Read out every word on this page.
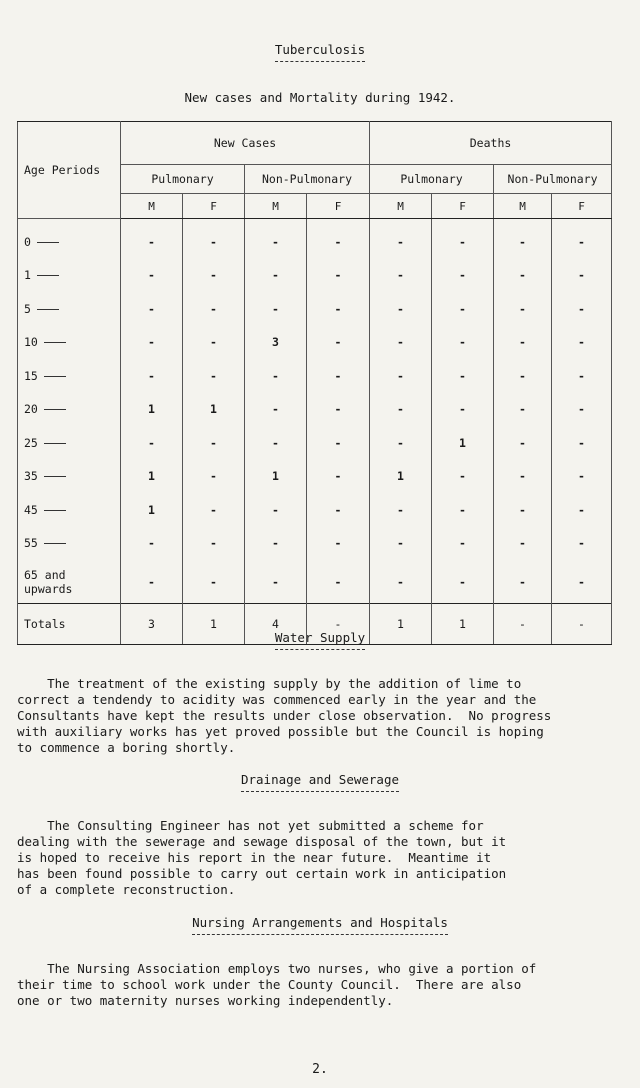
Tuberculosis
New cases and Mortality during 1942.
Age Periods	New Cases				Deaths			
	Pulmonary		Non-Pulmonary		Pulmonary		Non-Pulmonary	
	M	F	M	F	M	F	M	F
0	-	-	-	-	-	-	-	-
1	-	-	-	-	-	-	-	-
5	-	-	-	-	-	-	-	-
10	-	-	3	-	-	-	-	-
15	-	-	-	-	-	-	-	-
20	1	1	-	-	-	-	-	-
25	-	-	-	-	-	1	-	-
35	1	-	1	-	1	-	-	-
45	1	-	-	-	-	-	-	-
55	-	-	-	-	-	-	-	-
65 and upwards	-	-	-	-	-	-	-	-
Totals	3	1	4	-	1	1	-	-
Water Supply
The treatment of the existing supply by the addition of lime to
correct a tendendy to acidity was commenced early in the year and the
Consultants have kept the results under close observation.  No progress
with auxiliary works has yet proved possible but the Council is hoping
to commence a boring shortly.
Drainage and Sewerage
The Consulting Engineer has not yet submitted a scheme for
dealing with the sewerage and sewage disposal of the town, but it
is hoped to receive his report in the near future.  Meantime it
has been found possible to carry out certain work in anticipation
of a complete reconstruction.
Nursing Arrangements and Hospitals
The Nursing Association employs two nurses, who give a portion of
their time to school work under the County Council.  There are also
one or two maternity nurses working independently.
2.
